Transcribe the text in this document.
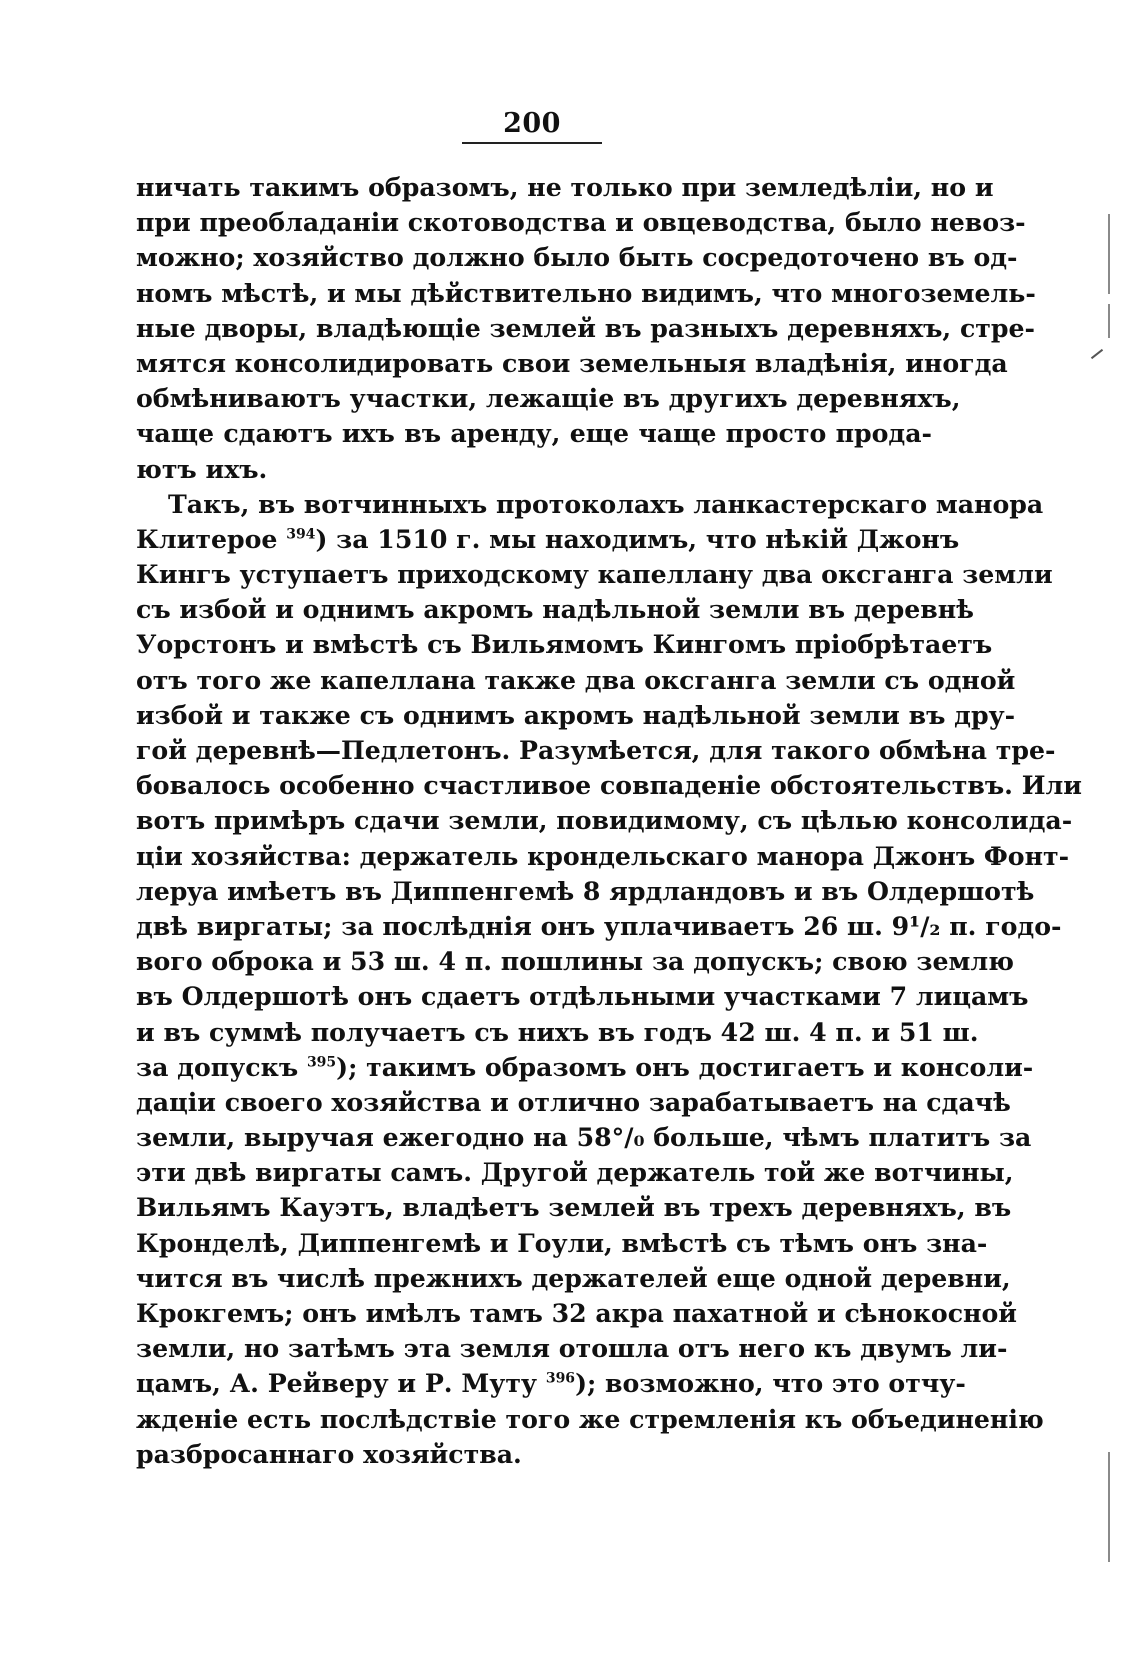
200
ничать такимъ образомъ, не только при земледѣліи, но и
при преобладаніи скотоводства и овцеводства, было невоз-
можно; хозяйство должно было быть сосредоточено въ од-
номъ мѣстѣ, и мы дѣйствительно видимъ, что многоземель-
ные дворы, владѣющіе землей въ разныхъ деревняхъ, стре-
мятся консолидировать свои земельныя владѣнія, иногда
обмѣниваютъ участки, лежащіе въ другихъ деревняхъ,
чаще сдаютъ ихъ въ аренду, еще чаще просто прода-
ютъ ихъ.
Такъ, въ вотчинныхъ протоколахъ ланкастерскаго манора
Клитерое $^{394}$) за 1510 г. мы находимъ, что нѣкій Джонъ
Кингъ уступаетъ приходскому капеллану два оксганга земли
съ избой и однимъ акромъ надѣльной земли въ деревнѣ
Уорстонъ и вмѣстѣ съ Вильямомъ Кингомъ пріобрѣтаетъ
отъ того же капеллана также два оксганга земли съ одной
избой и также съ однимъ акромъ надѣльной земли въ дру-
гой деревнѣ—Педлетонъ. Разумѣется, для такого обмѣна тре-
бовалось особенно счастливое совпаденіе обстоятельствъ. Или
вотъ примѣръ сдачи земли, повидимому, съ цѣлью консолида-
ціи хозяйства: держатель крондельскаго манора Джонъ Фонт-
лерya имѣетъ въ Диппенгемѣ 8 ярдландовъ и въ Олдершотѣ
двѣ виргаты; за послѣднія онъ уплачиваетъ 26 ш. 9¹/₂ п. годо-
вого оброка и 53 ш. 4 п. пошлины за допускъ; свою землю
въ Олдершотѣ онъ сдаетъ отдѣльными участками 7 лицамъ
и въ суммѣ получаетъ съ нихъ въ годъ 42 ш. 4 п. и 51 ш.
за допускъ $^{395}$); такимъ образомъ онъ достигаетъ и консоли-
даціи своего хозяйства и отлично зарабатываетъ на сдачѣ
земли, выручая ежегодно на 58°/₀ больше, чѣмъ платитъ за
эти двѣ виргаты самъ. Другой держатель той же вотчины,
Вильямъ Кауэтъ, владѣетъ землей въ трехъ деревняхъ, въ
Кронделѣ, Диппенгемѣ и Гоули, вмѣстѣ съ тѣмъ онъ зна-
чится въ числѣ прежнихъ держателей еще одной деревни,
Крокгемъ; онъ имѣлъ тамъ 32 акра пахатной и сѣнокосной
земли, но затѣмъ эта земля отошла отъ него къ двумъ ли-
цамъ, А. Рейверу и Р. Муту $^{396}$); возможно, что это отчу-
жденіе есть послѣдствіе того же стремленія къ объединенію
разбросаннаго хозяйства.
